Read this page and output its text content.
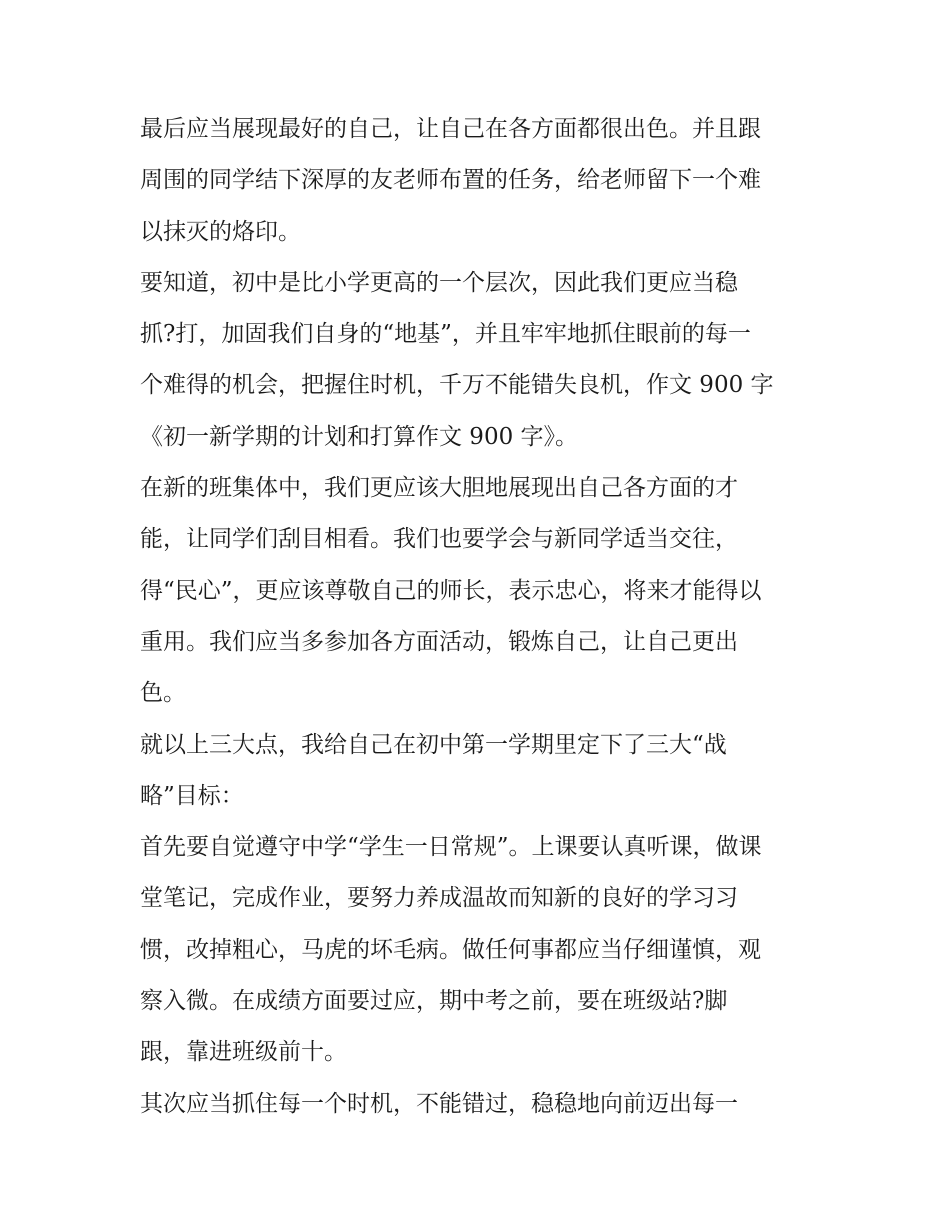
最后应当展现最好的自己，让自己在各方面都很出色。并且跟
周围的同学结下深厚的友老师布置的任务，给老师留下一个难
以抹灭的烙印。
要知道，初中是比小学更高的一个层次，因此我们更应当稳
抓?打，加固我们自身的“地基”，并且牢牢地抓住眼前的每一
个难得的机会，把握住时机，千万不能错失良机，作文 900 字
《初一新学期的计划和打算作文 900 字》。
在新的班集体中，我们更应该大胆地展现出自己各方面的才
能，让同学们刮目相看。我们也要学会与新同学适当交往，
得“民心”，更应该尊敬自己的师长，表示忠心，将来才能得以
重用。我们应当多参加各方面活动，锻炼自己，让自己更出
色。
就以上三大点，我给自己在初中第一学期里定下了三大“战
略”目标：
首先要自觉遵守中学“学生一日常规”。上课要认真听课，做课
堂笔记，完成作业，要努力养成温故而知新的良好的学习习
惯，改掉粗心，马虎的坏毛病。做任何事都应当仔细谨慎，观
察入微。在成绩方面要过应，期中考之前，要在班级站?脚
跟，靠进班级前十。
其次应当抓住每一个时机，不能错过，稳稳地向前迈出每一
